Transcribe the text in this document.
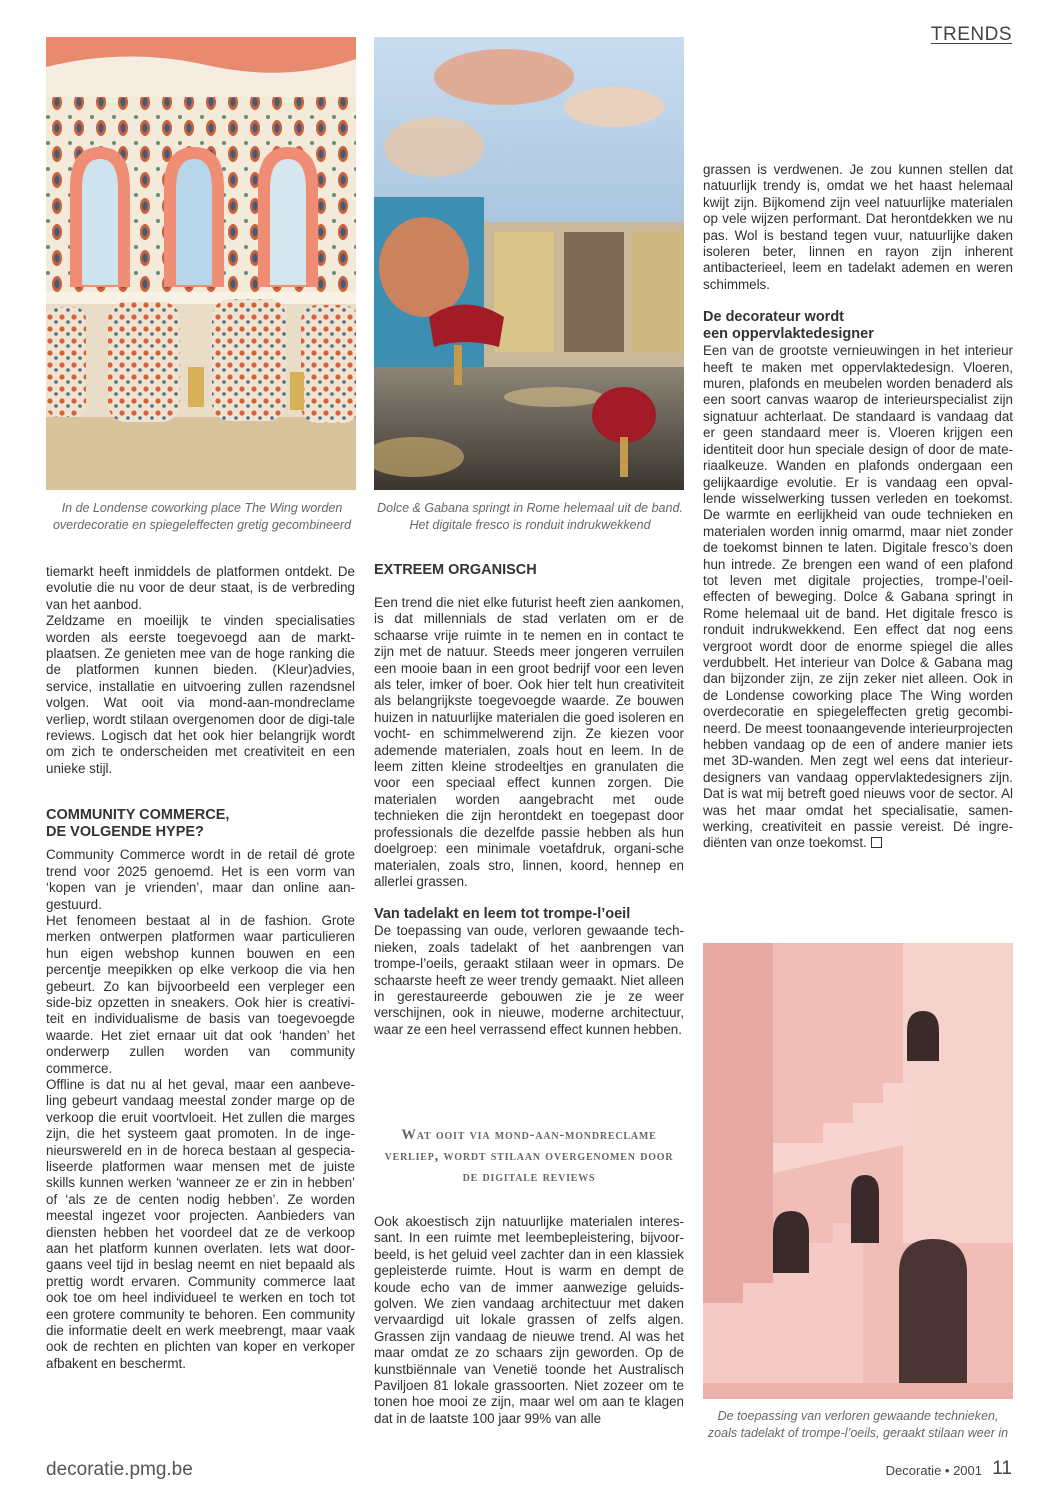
TRENDS
In de Londense coworking place The Wing worden overdecoratie en spiegeleffecten gretig gecombineerd
Dolce & Gabana springt in Rome helemaal uit de band. Het digitale fresco is ronduit indrukwekkend
De toepassing van verloren gewaande technieken, zoals tadelakt of trompe-l’oeils, geraakt stilaan weer in

tiemarkt heeft inmiddels de platformen ontdekt. De evolutie die nu voor de deur staat, is de verbreding van het aanbod.

Zeldzame en moeilijk te vinden specialisaties worden als eerste toegevoegd aan de markt-plaatsen. Ze genieten mee van de hoge ranking die de platformen kunnen bieden. (Kleur)advies, service, installatie en uitvoering zullen razendsnel volgen. Wat ooit via mond-aan-mondreclame verliep, wordt stilaan overgenomen door de digi-tale reviews. Logisch dat het ook hier belangrijk wordt om zich te onderscheiden met creativiteit en een unieke stijl.

COMMUNITY COMMERCE,

DE VOLGENDE HYPE?

Community Commerce wordt in de retail dé grote trend voor 2025 genoemd. Het is een vorm van ‘kopen van je vrienden’, maar dan online aan-gestuurd.

Het fenomeen bestaat al in de fashion. Grote merken ontwerpen platformen waar particulieren hun eigen webshop kunnen bouwen en een percentje meepikken op elke verkoop die via hen gebeurt. Zo kan bijvoorbeeld een verpleger een side-biz opzetten in sneakers. Ook hier is creativi-teit en individualisme de basis van toegevoegde waarde. Het ziet ernaar uit dat ook ‘handen’ het onderwerp zullen worden van community commerce.

Offline is dat nu al het geval, maar een aanbeve-ling gebeurt vandaag meestal zonder marge op de verkoop die eruit voortvloeit. Het zullen die marges zijn, die het systeem gaat promoten. In de inge-nieurswereld en in de horeca bestaan al gespecia-liseerde platformen waar mensen met de juiste skills kunnen werken ‘wanneer ze er zin in hebben’ of ‘als ze de centen nodig hebben’. Ze worden meestal ingezet voor projecten. Aanbieders van diensten hebben het voordeel dat ze de verkoop aan het platform kunnen overlaten. Iets wat door-gaans veel tijd in beslag neemt en niet bepaald als prettig wordt ervaren. Community commerce laat ook toe om heel individueel te werken en toch tot een grotere community te behoren. Een community die informatie deelt en werk meebrengt, maar vaak ook de rechten en plichten van koper en verkoper afbakent en beschermt.

EXTREEM ORGANISCH

Een trend die niet elke futurist heeft zien aankomen, is dat millennials de stad verlaten om er de schaarse vrije ruimte in te nemen en in contact te zijn met de natuur. Steeds meer jongeren verruilen een mooie baan in een groot bedrijf voor een leven als teler, imker of boer. Ook hier telt hun creativiteit als belangrijkste toegevoegde waarde. Ze bouwen huizen in natuurlijke materialen die goed isoleren en vocht- en schimmelwerend zijn. Ze kiezen voor ademende materialen, zoals hout en leem. In de leem zitten kleine strodeeltjes en granulaten die voor een speciaal effect kunnen zorgen. Die materialen worden aangebracht met oude technieken die zijn herontdekt en toegepast door professionals die dezelfde passie hebben als hun doelgroep: een minimale voetafdruk, organi-sche materialen, zoals stro, linnen, koord, hennep en allerlei grassen.

Van tadelakt en leem tot trompe-l’oeil

De toepassing van oude, verloren gewaande tech-nieken, zoals tadelakt of het aanbrengen van trompe-l’oeils, geraakt stilaan weer in opmars. De schaarste heeft ze weer trendy gemaakt. Niet alleen in gerestaureerde gebouwen zie je ze weer verschijnen, ook in nieuwe, moderne architectuur, waar ze een heel verrassend effect kunnen hebben.

Wat ooit via mond-aan-mondreclame verliep, wordt stilaan overgenomen door de digitale reviews

Ook akoestisch zijn natuurlijke materialen interes-sant. In een ruimte met leembepleistering, bijvoor-beeld, is het geluid veel zachter dan in een klassiek gepleisterde ruimte. Hout is warm en dempt de koude echo van de immer aanwezige geluids-golven. We zien vandaag architectuur met daken vervaardigd uit lokale grassen of zelfs algen. Grassen zijn vandaag de nieuwe trend. Al was het maar omdat ze zo schaars zijn geworden. Op de kunstbiënnale van Venetië toonde het Australisch Paviljoen 81 lokale grassoorten. Niet zozeer om te tonen hoe mooi ze zijn, maar wel om aan te klagen dat in de laatste 100 jaar 99% van alle

grassen is verdwenen. Je zou kunnen stellen dat natuurlijk trendy is, omdat we het haast helemaal kwijt zijn. Bijkomend zijn veel natuurlijke materialen op vele wijzen performant. Dat herontdekken we nu pas. Wol is bestand tegen vuur, natuurlijke daken isoleren beter, linnen en rayon zijn inherent antibacterieel, leem en tadelakt ademen en weren schimmels.

De decorateur wordt

een oppervlaktedesigner

Een van de grootste vernieuwingen in het interieur heeft te maken met oppervlaktedesign. Vloeren, muren, plafonds en meubelen worden benaderd als een soort canvas waarop de interieurspecialist zijn signatuur achterlaat. De standaard is vandaag dat er geen standaard meer is. Vloeren krijgen een identiteit door hun speciale design of door de mate-riaalkeuze. Wanden en plafonds ondergaan een gelijkaardige evolutie. Er is vandaag een opval-lende wisselwerking tussen verleden en toekomst. De warmte en eerlijkheid van oude technieken en materialen worden innig omarmd, maar niet zonder de toekomst binnen te laten. Digitale fresco’s doen hun intrede. Ze brengen een wand of een plafond tot leven met digitale projecties, trompe-l’oeil-effecten of beweging. Dolce & Gabana springt in Rome helemaal uit de band. Het digitale fresco is ronduit indrukwekkend. Een effect dat nog eens vergroot wordt door de enorme spiegel die alles verdubbelt. Het interieur van Dolce & Gabana mag dan bijzonder zijn, ze zijn zeker niet alleen. Ook in de Londense coworking place The Wing worden overdecoratie en spiegeleffecten gretig gecombi-neerd. De meest toonaangevende interieurprojecten hebben vandaag op de een of andere manier iets met 3D-wanden. Men zegt wel eens dat interieur-designers van vandaag oppervlaktedesigners zijn. Dat is wat mij betreft goed nieuws voor de sector. Al was het maar omdat het specialisatie, samen-werking, creativiteit en passie vereist. Dé ingre-diënten van onze toekomst.

decoratie.pmg.be	Decoratie • 2001 11
